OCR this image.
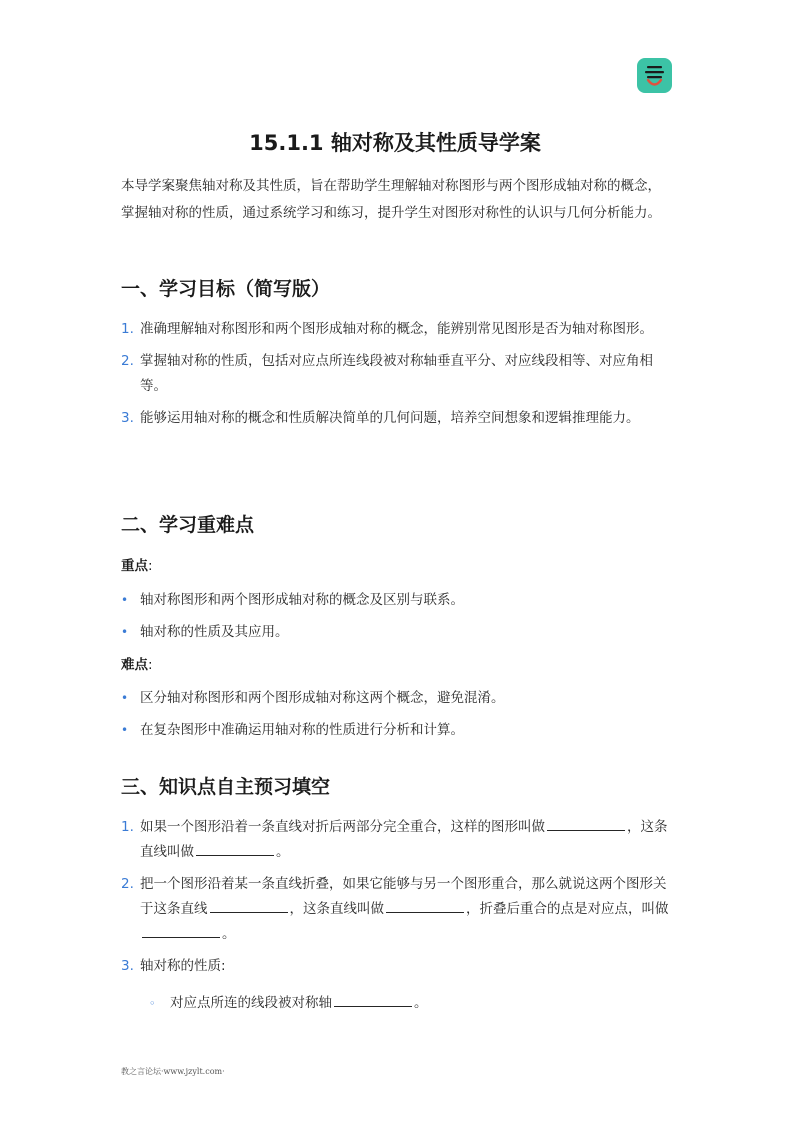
15.1.1 轴对称及其性质导学案

本导学案聚焦轴对称及其性质，旨在帮助学生理解轴对称图形与两个图形成轴对称的概念，掌握轴对称的性质，通过系统学习和练习，提升学生对图形对称性的认识与几何分析能力。

一、学习目标（简写版）
1. 准确理解轴对称图形和两个图形成轴对称的概念，能辨别常见图形是否为轴对称图形。
2. 掌握轴对称的性质，包括对应点所连线段被对称轴垂直平分、对应线段相等、对应角相等。
3. 能够运用轴对称的概念和性质解决简单的几何问题，培养空间想象和逻辑推理能力。
二、学习重难点

重点:

• 轴对称图形和两个图形成轴对称的概念及区别与联系。
• 轴对称的性质及其应用。

难点:

• 区分轴对称图形和两个图形成轴对称这两个概念，避免混淆。
• 在复杂图形中准确运用轴对称的性质进行分析和计算。
三、知识点自主预习填空
1. 如果一个图形沿着一条直线对折后两部分完全重合，这样的图形叫做	，这条直线叫做	。
2. 把一个图形沿着某一条直线折叠，如果它能够与另一个图形重合，那么就说这两个图形关于这条直线	，这条直线叫做	，折叠后重合的点是对应点，叫做。
3. 轴对称的性质:
◦ 对应点所连的线段被对称轴	。
教之言论坛·www.jzylt.com·
